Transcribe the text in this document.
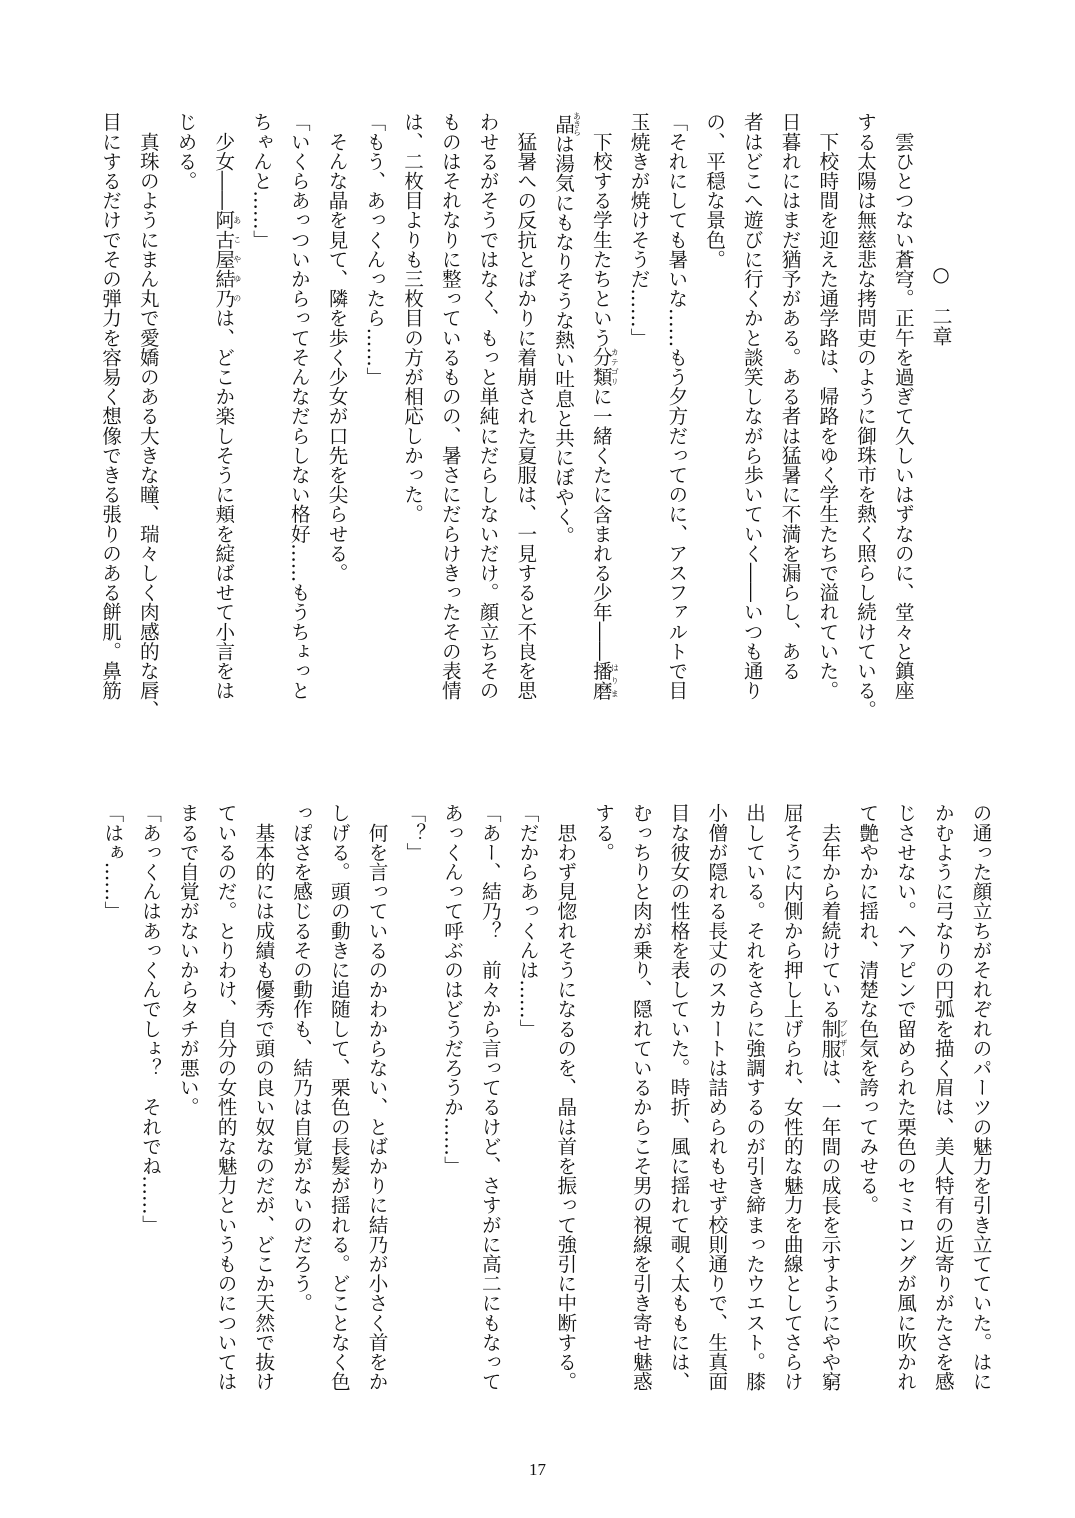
○　二章
　雲ひとつない蒼穹。正午を過ぎて久しいはずなのに、堂々と鎮座
する太陽は無慈悲な拷問吏のように御珠市を熱く照らし続けている。
　下校時間を迎えた通学路は、帰路をゆく学生たちで溢れていた。
日暮れにはまだ猶予がある。ある者は猛暑に不満を漏らし、ある
者はどこへ遊びに行くかと談笑しながら歩いていく――いつも通り
の、平穏な景色。
「それにしても暑いな……もう夕方だってのに、アスファルトで目
玉焼きが焼けそうだ……」
　下校する学生たちという分類カテゴリに一緒くたに含まれる少年――播磨はりま
晶あきらは湯気にもなりそうな熱い吐息と共にぼやく。
　猛暑への反抗とばかりに着崩された夏服は、一見すると不良を思
わせるがそうではなく、もっと単純にだらしないだけ。顔立ちその
ものはそれなりに整っているものの、暑さにだらけきったその表情
は、二枚目よりも三枚目の方が相応しかった。
「もう、あっくんったら……」
　そんな晶を見て、隣を歩く少女が口先を尖らせる。
「いくらあっついからってそんなだらしない格好……もうちょっと
ちゃんと……」
　少女――阿古屋結乃あこやゆのは、どこか楽しそうに頬を綻ばせて小言をは
じめる。
　真珠のようにまん丸で愛嬌のある大きな瞳、瑞々しく肉感的な唇、
目にするだけでその弾力を容易く想像できる張りのある餅肌。鼻筋
の通った顔立ちがそれぞれのパーツの魅力を引き立てていた。はに
かむように弓なりの円弧を描く眉は、美人特有の近寄りがたさを感
じさせない。ヘアピンで留められた栗色のセミロングが風に吹かれ
て艶やかに揺れ、清楚な色気を誇ってみせる。
　去年から着続けている制服ブレザーは、一年間の成長を示すようにやや窮
屈そうに内側から押し上げられ、女性的な魅力を曲線としてさらけ
出している。それをさらに強調するのが引き締まったウエスト。膝
小僧が隠れる長丈のスカートは詰められもせず校則通りで、生真面
目な彼女の性格を表していた。時折、風に揺れて覗く太ももには、
むっちりと肉が乗り、隠れているからこそ男の視線を引き寄せ魅惑
する。
　思わず見惚れそうになるのを、晶は首を振って強引に中断する。
「だからあっくんは……」
「あー、結乃？　前々から言ってるけど、さすがに高二にもなって
あっくんって呼ぶのはどうだろうか……」
「？」
　何を言っているのかわからない、とばかりに結乃が小さく首をか
しげる。頭の動きに追随して、栗色の長髪が揺れる。どことなく色
っぽさを感じるその動作も、結乃は自覚がないのだろう。
　基本的には成績も優秀で頭の良い奴なのだが、どこか天然で抜け
ているのだ。とりわけ、自分の女性的な魅力というものについては
まるで自覚がないからタチが悪い。
「あっくんはあっくんでしょ？　それでね……」
「はぁ……」
17
